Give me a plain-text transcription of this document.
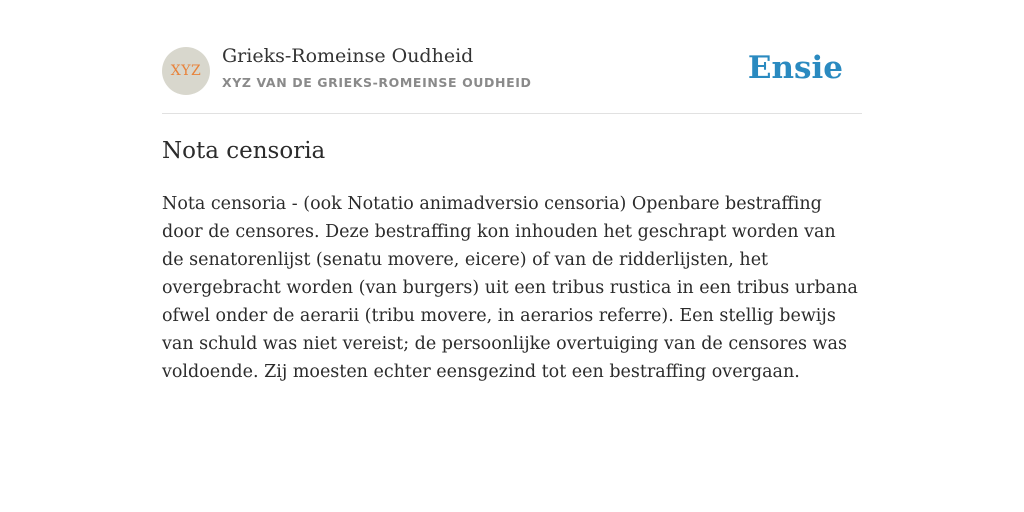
XYZ
Grieks-Romeinse Oudheid
XYZ VAN DE GRIEKS-ROMEINSE OUDHEID	Ensie
Nota censoria

Nota censoria - (ook Notatio animadversio censoria) Openbare bestraffing door de censores. Deze bestraffing kon inhouden het geschrapt worden van de senatorenlijst (senatu movere, eicere) of van de ridderlijsten, het overgebracht worden (van burgers) uit een tribus rustica in een tribus urbana ofwel onder de aerarii (tribu movere, in aerarios referre). Een stellig bewijs van schuld was niet vereist; de persoonlijke overtuiging van de censores was voldoende. Zij moesten echter eensgezind tot een bestraffing overgaan.
